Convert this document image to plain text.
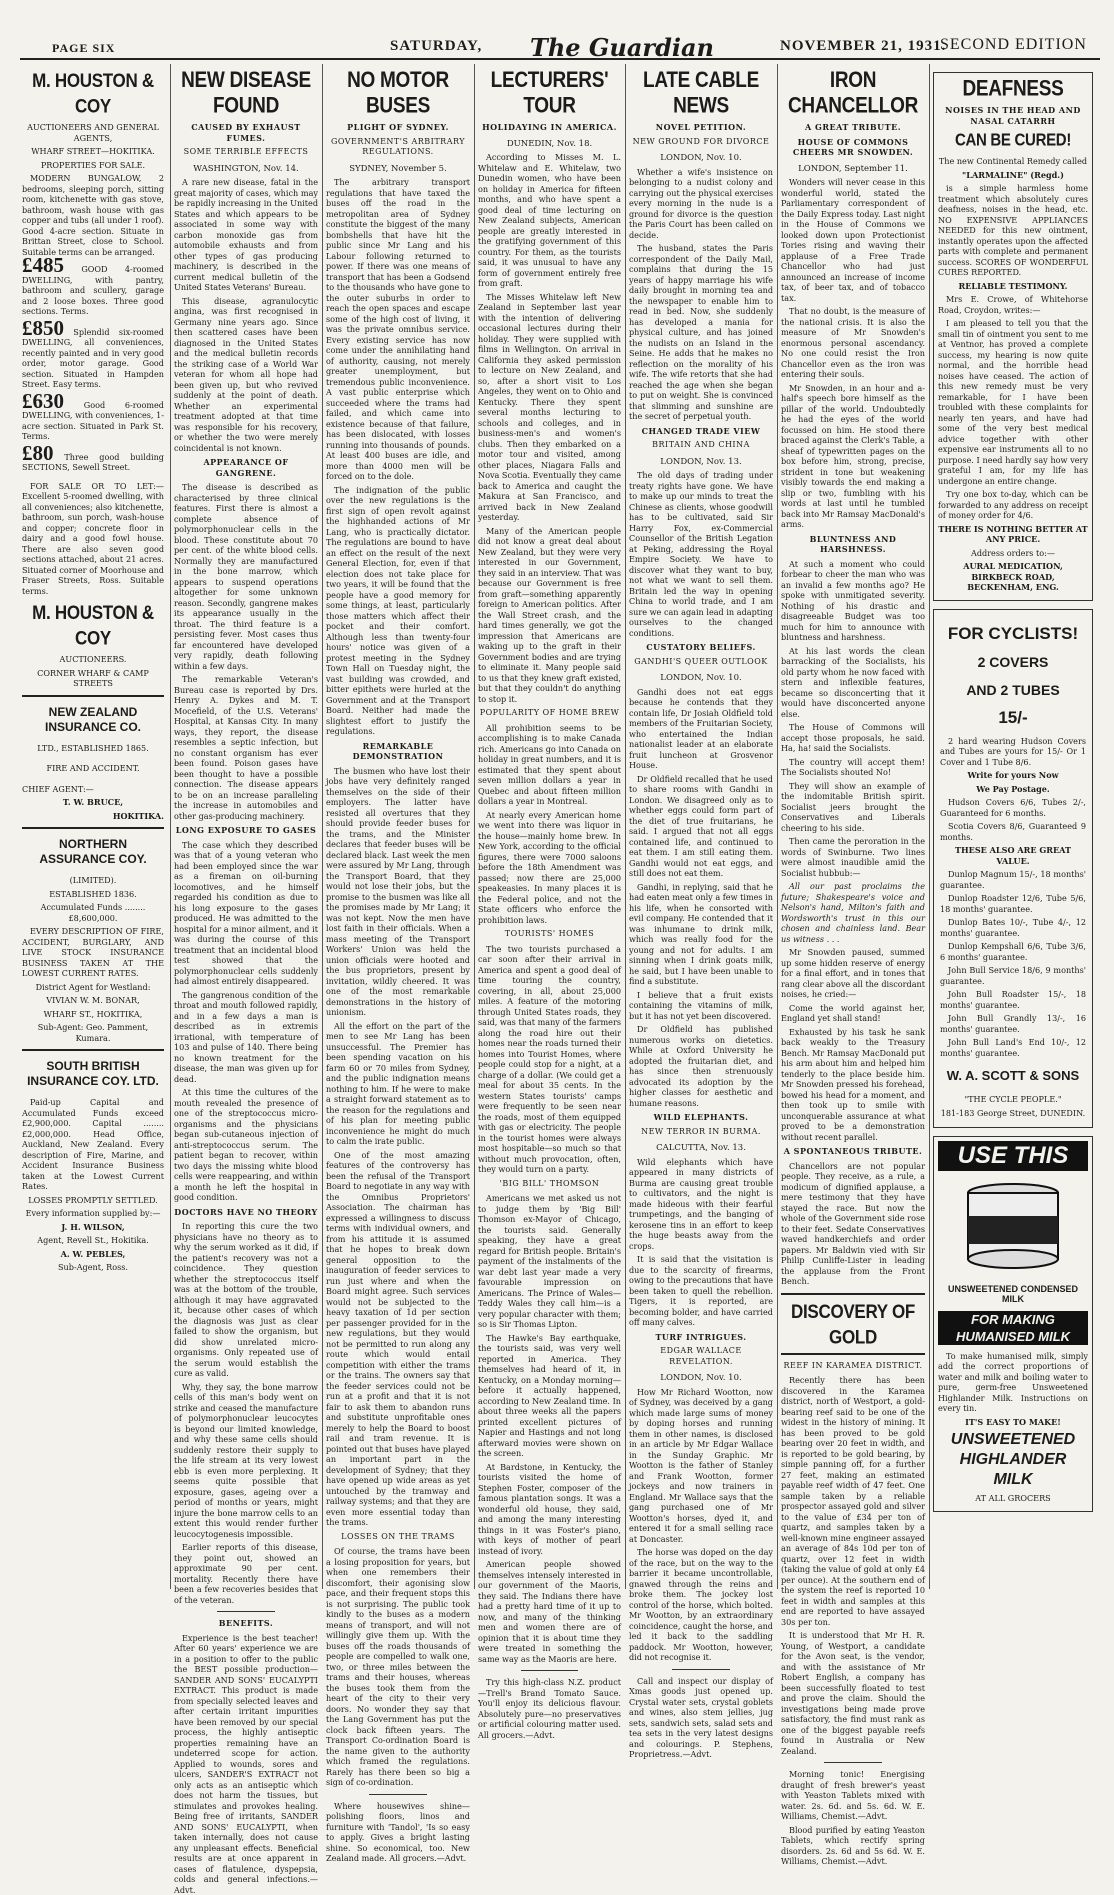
PAGE SIX	SATURDAY, The Guardian	NOVEMBER 21, 1931.
SECOND EDITION
M. HOUSTON & COY
AUCTIONEERS AND GENERAL AGENTS,
WHARF STREET—HOKITIKA.
PROPERTIES FOR SALE.

MODERN BUNGALOW, 2 bedrooms, sleeping porch, sitting room, kitchenette with gas stove, bathroom, wash house with gas copper and tubs (all under 1 roof). Good 4-acre section. Situate in Brittan Street, close to School. Suitable terms can be arranged.

£485 GOOD 4-roomed DWELLING, with pantry, bathroom and scullery, garage and 2 loose boxes. Three good sections. Terms.
£850 Splendid six-roomed DWELLING, all conveniences, recently painted and in very good order, motor garage. Good section. Situated in Hampden Street. Easy terms.
£630 Good 6-roomed DWELLING, with conveniences, 1-acre section. Situated in Park St. Terms.
£80 Three good building SECTIONS, Sewell Street.

FOR SALE OR TO LET:—Excellent 5-roomed dwelling, with all conveniences; also kitchenette, bathroom, sun porch, wash-house and copper; concrete floor in dairy and a good fowl house. There are also seven good sections attached, about 21 acres. Situated corner of Moorhouse and Fraser Streets, Ross. Suitable terms.

M. HOUSTON & COY
AUCTIONEERS.
CORNER WHARF & CAMP STREETS
NEW ZEALAND INSURANCE CO.
LTD., ESTABLISHED 1865.
FIRE AND ACCIDENT.
CHIEF AGENT:—
T. W. BRUCE,
HOKITIKA.
NORTHERN ASSURANCE COY.
(LIMITED).
ESTABLISHED 1836.
Accumulated Funds ........ £8,600,000.

EVERY DESCRIPTION OF FIRE, ACCIDENT, BURGLARY, AND LIVE STOCK INSURANCE BUSINESS TAKEN AT THE LOWEST CURRENT RATES.

District Agent for Westland:
VIVIAN W. M. BONAR,
WHARF ST., HOKITIKA,
Sub-Agent: Geo. Pamment, Kumara.
SOUTH BRITISH INSURANCE COY. LTD.

Paid-up Capital and Accumulated Funds exceed £2,900,000. Capital ........ £2,000,000. Head Office, Auckland, New Zealand. Every description of Fire, Marine, and Accident Insurance Business taken at the Lowest Current Rates.

LOSSES PROMPTLY SETTLED.
Every information supplied by:—
J. H. WILSON,
Agent, Revell St., Hokitika.
A. W. PEBLES,
Sub-Agent, Ross.
NEW DISEASE FOUND
CAUSED BY EXHAUST FUMES.
SOME TERRIBLE EFFECTS
WASHINGTON, Nov. 14.

A rare new disease, fatal in the great majority of cases, which may be rapidly increasing in the United States and which appears to be associated in some way with carbon monoxide gas from automobile exhausts and from other types of gas producing machinery, is described in the current medical bulletin of the United States Veterans' Bureau.

This disease, agranulocytic angina, was first recognised in Germany nine years ago. Since then scattered cases have been diagnosed in the United States and the medical bulletin records the striking case of a World War veteran for whom all hope had been given up, but who revived suddenly at the point of death. Whether an experimental treatment adopted at that time was responsible for his recovery, or whether the two were merely coincidental is not known.

APPEARANCE OF GANGRENE.

The disease is described as characterised by three clinical features. First there is almost a complete absence of polymorphonuclear cells in the blood. These constitute about 70 per cent. of the white blood cells. Normally they are manufactured in the bone marrow, which appears to suspend operations altogether for some unknown reason. Secondly, gangrene makes its appearance usually in the throat. The third feature is a persisting fever. Most cases thus far encountered have developed very rapidly, death following within a few days.

The remarkable Veteran's Bureau case is reported by Drs. Henry A. Dykes and M. T. Mocefield, of the U.S. Veterans' Hospital, at Kansas City. In many ways, they report, the disease resembles a septic infection, but no constant organism has ever been found. Poison gases have been thought to have a possible connection. The disease appears to be on an increase paralleling the increase in automobiles and other gas-producing machinery.

LONG EXPOSURE TO GASES

The case which they described was that of a young veteran who had been employed since the war as a fireman on oil-burning locomotives, and he himself regarded his condition as due to his long exposure to the gases produced. He was admitted to the hospital for a minor ailment, and it was during the course of this treatment that an incidental blood test showed that the polymorphonuclear cells suddenly had almost entirely disappeared.

The gangrenous condition of the throat and mouth followed rapidly, and in a few days a man is described as in extremis irrational, with temperature of 103 and pulse of 140. There being no known treatment for the disease, the man was given up for dead.

At this time the cultures of the mouth revealed the presence of one of the streptococcus micro-organisms and the physicians began sub-cutaneous injection of anti-streptococcus serum. The patient began to recover, within two days the missing white blood cells were reappearing, and within a month he left the hospital in good condition.

DOCTORS HAVE NO THEORY

In reporting this cure the two physicians have no theory as to why the serum worked as it did, if the patient's recovery was not a coincidence. They question whether the streptococcus itself was at the bottom of the trouble, although it may have aggravated it, because other cases of which the diagnosis was just as clear failed to show the organism, but did show unrelated micro-organisms. Only repeated use of the serum would establish the cure as valid.

Why, they say, the bone marrow cells of this man's body went on strike and ceased the manufacture of polymorphonuclear leucocytes is beyond our limited knowledge, and why these same cells should suddenly restore their supply to the life stream at its very lowest ebb is even more perplexing. It seems quite possible that exposure, gases, ageing over a period of months or years, might injure the bone marrow cells to an extent this would render further leucocytogenesis impossible.

Earlier reports of this disease, they point out, showed an approximate 90 per cent. mortality. Recently there have been a few recoveries besides that of the veteran.

BENEFITS.

Experience is the best teacher! After 60 years' experience we are in a position to offer to the public the BEST possible production—SANDER AND SONS' EUCALYPTI EXTRACT. This product is made from specially selected leaves and after certain irritant impurities have been removed by our special process, the highly antiseptic properties remaining have an undeterred scope for action. Applied to wounds, sores and ulcers, SANDER'S EXTRACT not only acts as an antiseptic which does not harm the tissues, but stimulates and provokes healing. Being free of irritants, SANDER AND SONS' EUCALYPTI, when taken internally, does not cause any unpleasant effects. Beneficial results are at once apparent in cases of flatulence, dyspepsia, colds and general infections.—Advt.

NO MOTOR BUSES
PLIGHT OF SYDNEY.
GOVERNMENT'S ARBITRARY REGULATIONS.
SYDNEY, November 5.

The arbitrary transport regulations that have taxed the buses off the road in the metropolitan area of Sydney constitute the biggest of the many bombshells that have hit the public since Mr Lang and his Labour following returned to power. If there was one means of transport that has been a Godsend to the thousands who have gone to the outer suburbs in order to reach the open spaces and escape some of the high cost of living, it was the private omnibus service. Every existing service has now come under the annihilating hand of authority, causing, not merely greater unemployment, but tremendous public inconvenience. A vast public enterprise which succeeded where the trams had failed, and which came into existence because of that failure, has been dislocated, with losses running into thousands of pounds. At least 400 buses are idle, and more than 4000 men will be forced on to the dole.

The indignation of the public over the new regulations is the first sign of open revolt against the highhanded actions of Mr Lang, who is practically dictator. The regulations are bound to have an effect on the result of the next General Election, for, even if that election does not take place for two years, it will be found that the people have a good memory for some things, at least, particularly those matters which affect their pocket and their comfort. Although less than twenty-four hours' notice was given of a protest meeting in the Sydney Town Hall on Tuesday night, the vast building was crowded, and bitter epithets were hurled at the Government and at the Transport Board. Neither had made the slightest effort to justify the regulations.

REMARKABLE DEMONSTRATION

The busmen who have lost their jobs have very definitely ranged themselves on the side of their employers. The latter have resisted all overtures that they should provide feeder buses for the trams, and the Minister declares that feeder buses will be declared black. Last week the men were assured by Mr Lang, through the Transport Board, that they would not lose their jobs, but the promise to the busmen was like all the promises made by Mr Lang; it was not kept. Now the men have lost faith in their officials. When a mass meeting of the Transport Workers' Union was held the union officials were hooted and the bus proprietors, present by invitation, wildly cheered. It was one of the most remarkable demonstrations in the history of unionism.

All the effort on the part of the men to see Mr Lang has been unsuccessful. The Premier has been spending vacation on his farm 60 or 70 miles from Sydney, and the public indignation means nothing to him. If he were to make a straight forward statement as to the reason for the regulations and of his plan for meeting public inconvenience he might do much to calm the irate public.

One of the most amazing features of the controversy has been the refusal of the Transport Board to negotiate in any way with the Omnibus Proprietors' Association. The chairman has expressed a willingness to discuss terms with individual owners, and from his attitude it is assumed that he hopes to break down general opposition to the inauguration of feeder services to run just where and when the Board might agree. Such services would not be subjected to the heavy taxation of 1d per section per passenger provided for in the new regulations, but they would not be permitted to run along any route which would entail competition with either the trams or the trains. The owners say that the feeder services could not be run at a profit and that it is not fair to ask them to abandon runs and substitute unprofitable ones merely to help the Board to boost rail and tram revenue. It is pointed out that buses have played an important part in the development of Sydney; that they have opened up wide areas as yet untouched by the tramway and railway systems; and that they are even more essential today than the trams.

LOSSES ON THE TRAMS

Of course, the trams have been a losing proposition for years, but when one remembers their discomfort, their agonising slow pace, and their frequent stops this is not surprising. The public took kindly to the buses as a modern means of transport, and will not willingly give them up. With the buses off the roads thousands of people are compelled to walk one, two, or three miles between the trams and their houses, whereas the buses took them from the heart of the city to their very doors. No wonder they say that the Lang Government has put the clock back fifteen years. The Transport Co-ordination Board is the name given to the authority which framed the regulations. Rarely has there been so big a sign of co-ordination.

Where housewives shine—polishing floors, linos and furniture with 'Tandol', 'Is so easy to apply. Gives a bright lasting shine. So economical, too. New Zealand made. All grocers.—Advt.

LECTURERS' TOUR
HOLIDAYING IN AMERICA.
DUNEDIN, Nov. 18.

According to Misses M. L. Whitelaw and E. Whitelaw, two Dunedin women, who have been on holiday in America for fifteen months, and who have spent a good deal of time lecturing on New Zealand subjects, American people are greatly interested in the gratifying government of this country. For them, as the tourists said, it was unusual to have any form of government entirely free from graft.

The Misses Whitelaw left New Zealand in September last year with the intention of delivering occasional lectures during their holiday. They were supplied with films in Wellington. On arrival in California they asked permission to lecture on New Zealand, and so, after a short visit to Los Angeles, they went on to Ohio and Kentucky. There they spent several months lecturing to schools and colleges, and in business-men's and women's clubs. Then they embarked on a motor tour and visited, among other places, Niagara Falls and Nova Scotia. Eventually they came back to America and caught the Makura at San Francisco, and arrived back in New Zealand yesterday.

Many of the American people did not know a great deal about New Zealand, but they were very interested in our Government, they said in an interview. That was because our Government is free from graft—something apparently foreign to American politics. After the Wall Street crash, and the hard times generally, we got the impression that Americans are waking up to the graft in their Government bodies and are trying to eliminate it. Many people said to us that they knew graft existed, but that they couldn't do anything to stop it.

POPULARITY OF HOME BREW

All prohibition seems to be accomplishing is to make Canada rich. Americans go into Canada on holiday in great numbers, and it is estimated that they spent about seven million dollars a year in Quebec and about fifteen million dollars a year in Montreal.

At nearly every American home we went into there was liquor in the house—mainly home brew. In New York, according to the official figures, there were 7000 saloons before the 18th Amendment was passed; now there are 25,000 speakeasies. In many places it is the Federal police, and not the State officers who enforce the prohibition laws.

TOURISTS' HOMES

The two tourists purchased a car soon after their arrival in America and spent a good deal of time touring the country, covering, in all, about 25,000 miles. A feature of the motoring through United States roads, they said, was that many of the farmers along the road hire out their homes near the roads turned their homes into Tourist Homes, where people could stop for a night, at a charge of a dollar. (We could get a meal for about 35 cents. In the western States tourists' camps were frequently to be seen near the roads, most of them equipped with gas or electricity. The people in the tourist homes were always most hospitable—so much so that without much provocation, often, they would turn on a party.

'BIG BILL' THOMSON

Americans we met asked us not to judge them by 'Big Bill' Thomson ex-Mayor of Chicago, the tourists said. Generally speaking, they have a great regard for British people. Britain's payment of the instalments of the war debt last year made a very favourable impression on Americans. The Prince of Wales—Teddy Wales they call him—is a very popular character with them; so is Sir Thomas Lipton.

The Hawke's Bay earthquake, the tourists said, was very well reported in America. They themselves had heard of it, in Kentucky, on a Monday morning—before it actually happened, according to New Zealand time. In about three weeks all the papers printed excellent pictures of Napier and Hastings and not long afterward movies were shown on the screen.

At Bardstone, in Kentucky, the tourists visited the home of Stephen Foster, composer of the famous plantation songs. It was a wonderful old house, they said, and among the many interesting things in it was Foster's piano, with keys of mother of pearl instead of ivory.

American people showed themselves intensely interested in our government of the Maoris, they said. The Indians there have had a pretty hard time of it up to now, and many of the thinking men and women there are of opinion that it is about time they were treated in something the same way as the Maoris are here.

Try this high-class N.Z. product—Trell's Brand Tomato Sauce. You'll enjoy its delicious flavour. Absolutely pure—no preservatives or artificial colouring matter used. All grocers.—Advt.

LATE CABLE NEWS
NOVEL PETITION.
NEW GROUND FOR DIVORCE
LONDON, Nov. 10.

Whether a wife's insistence on belonging to a nudist colony and carrying out the physical exercises every morning in the nude is a ground for divorce is the question the Paris Court has been called on decide.

The husband, states the Paris correspondent of the Daily Mail, complains that during the 15 years of happy marriage his wife daily brought in morning tea and the newspaper to enable him to read in bed. Now, she suddenly has developed a mania for physical culture, and has joined the nudists on an Island in the Seine. He adds that he makes no reflection on the morality of his wife. The wife retorts that she had reached the age when she began to put on weight. She is convinced that slimming and sunshine are the secret of perpetual youth.

CHANGED TRADE VIEW
BRITAIN AND CHINA
LONDON, Nov. 13.

The old days of trading under treaty rights have gone. We have to make up our minds to treat the Chinese as clients, whose goodwill has to be cultivated, said Sir Harry Fox, ex-Commercial Counsellor of the British Legation at Peking, addressing the Royal Empire Society. We have to discover what they want to buy, not what we want to sell them. Britain led the way in opening China to world trade, and I am sure we can again lead in adapting ourselves to the changed conditions.

CUSTATORY BELIEFS.
GANDHI'S QUEER OUTLOOK
LONDON, Nov. 10.

Gandhi does not eat eggs because he contends that they contain life, Dr Josiah Oldfield told members of the Fruitarian Society, who entertained the Indian nationalist leader at an elaborate fruit luncheon at Grosvenor House.

Dr Oldfield recalled that he used to share rooms with Gandhi in London. We disagreed only as to whether eggs could form part of the diet of true fruitarians, he said. I argued that not all eggs contained life, and continued to eat them. I am still eating them. Gandhi would not eat eggs, and still does not eat them.

Gandhi, in replying, said that he had eaten meat only a few times in his life, when he consorted with evil company. He contended that it was inhumane to drink milk, which was really food for the young and not for adults. I am sinning when I drink goats milk, he said, but I have been unable to find a substitute.

I believe that a fruit exists containing the vitamins of milk, but it has not yet been discovered.

Dr Oldfield has published numerous works on dietetics. While at Oxford University he adopted the fruitarian diet, and has since then strenuously advocated its adoption by the higher classes for aesthetic and humane reasons.

WILD ELEPHANTS.
NEW TERROR IN BURMA.
CALCUTTA, Nov. 13.

Wild elephants which have appeared in many districts of Burma are causing great trouble to cultivators, and the night is made hideous with their fearful trumpetings, and the banging of kerosene tins in an effort to keep the huge beasts away from the crops.

It is said that the visitation is due to the scarcity of firearms, owing to the precautions that have been taken to quell the rebellion. Tigers, it is reported, are becoming bolder, and have carried off many calves.

TURF INTRIGUES.
EDGAR WALLACE REVELATION.
LONDON, Nov. 10.

How Mr Richard Wootton, now of Sydney, was deceived by a gang which made large sums of money by doping horses and running them in other names, is disclosed in an article by Mr Edgar Wallace in the Sunday Graphic. Mr Wootton is the father of Stanley and Frank Wootton, former jockeys and now trainers in England. Mr Wallace says that the gang purchased one of Mr Wootton's horses, dyed it, and entered it for a small selling race at Doncaster.

The horse was doped on the day of the race, but on the way to the barrier it became uncontrollable, gnawed through the reins and broke them. The jockey lost control of the horse, which bolted. Mr Wootton, by an extraordinary coincidence, caught the horse, and led it back to the saddling paddock. Mr Wootton, however, did not recognise it.

Call and inspect our display of Xmas goods just opened up. Crystal water sets, crystal goblets and wines, also stem jellies, jug sets, sandwich sets, salad sets and tea sets in the very latest designs and colourings. P. Stephens, Proprietress.—Advt.

IRON CHANCELLOR
A GREAT TRIBUTE.
HOUSE OF COMMONS CHEERS MR SNOWDEN.
LONDON, September 11.

Wonders will never cease in this wonderful world, stated the Parliamentary correspondent of the Daily Express today. Last night in the House of Commons we looked down upon Protectionist Tories rising and waving their applause of a Free Trade Chancellor who had just announced an increase of income tax, of beer tax, and of tobacco tax.

That no doubt, is the measure of the national crisis. It is also the measure of Mr Snowden's enormous personal ascendancy. No one could resist the Iron Chancellor even as the iron was entering their souls.

Mr Snowden, in an hour and a-half's speech bore himself as the pillar of the world. Undoubtedly he had the eyes of the world focussed on him. He stood there braced against the Clerk's Table, a sheaf of typewritten pages on the box before him, strong, precise, strident in tone but weakening visibly towards the end making a slip or two, fumbling with his words at last until he tumbled back into Mr Ramsay MacDonald's arms.

BLUNTNESS AND HARSHNESS.

At such a moment who could forbear to cheer the man who was an invalid a few months ago? He spoke with unmitigated severity. Nothing of his drastic and disagreeable Budget was too much for him to announce with bluntness and harshness.

At his last words the clean barracking of the Socialists, his old party whom he now faced with stern and inflexible features, became so disconcerting that it would have disconcerted anyone else.

The House of Commons will accept those proposals, he said. Ha, ha! said the Socialists.

The country will accept them! The Socialists shouted No!

They will show an example of the indomitable British spirit. Socialist jeers brought the Conservatives and Liberals cheering to his side.

Then came the peroration in the words of Swinburne. Two lines were almost inaudible amid the Socialist hubbub:—

All our past proclaims the future; Shakespeare's voice and Nelson's hand, Milton's faith and Wordsworth's trust in this our chosen and chainless land. Bear us witness . . .

Mr Snowden paused, summed up some hidden reserve of energy for a final effort, and in tones that rang clear above all the discordant noises, he cried:—

Come the world against her, England yet shall stand!

Exhausted by his task he sank back weakly to the Treasury Bench. Mr Ramsay MacDonald put his arm about him and helped him tenderly to the place beside him. Mr Snowden pressed his forehead, bowed his head for a moment, and then took up to smile with unconquerable assurance at what proved to be a demonstration without recent parallel.

A SPONTANEOUS TRIBUTE.

Chancellors are not popular people. They receive, as a rule, a modicum of dignified applause, a mere testimony that they have stayed the race. But now the whole of the Government side rose to their feet. Sedate Conservatives waved handkerchiefs and order papers. Mr Baldwin vied with Sir Philip Cunliffe-Lister in leading the applause from the Front Bench.

DISCOVERY OF GOLD
REEF IN KARAMEA DISTRICT.

Recently there has been discovered in the Karamea district, north of Westport, a gold-bearing reef said to be one of the widest in the history of mining. It has been proved to be gold bearing over 20 feet in width, and is reported to be gold bearing, by simple panning off, for a further 27 feet, making an estimated payable reef width of 47 feet. One sample taken by a reliable prospector assayed gold and silver to the value of £34 per ton of quartz, and samples taken by a well-known mine engineer assayed an average of 84s 10d per ton of quartz, over 12 feet in width (taking the value of gold at only £4 per ounce). At the southern end of the system the reef is reported 10 feet in width and samples at this end are reported to have assayed 30s per ton.

It is understood that Mr H. R. Young, of Westport, a candidate for the Avon seat, is the vendor, and with the assistance of Mr Robert English, a company has been successfully floated to test and prove the claim. Should the investigations being made prove satisfactory, the find must rank as one of the biggest payable reefs found in Australia or New Zealand.

Morning tonic! Energising draught of fresh brewer's yeast with Yeaston Tablets mixed with water. 2s. 6d. and 5s. 6d. W. E. Williams, Chemist.—Advt.

Blood purified by eating Yeaston Tablets, which rectify spring disorders. 2s. 6d and 5s 6d. W. E. Williams, Chemist.—Advt.

DEAFNESS
NOISES IN THE HEAD AND NASAL CATARRH
CAN BE CURED!
The new Continental Remedy called
"LARMALINE" (Regd.)

is a simple harmless home treatment which absolutely cures deafness, noises in the head, etc. NO EXPENSIVE APPLIANCES NEEDED for this new ointment, instantly operates upon the affected parts with complete and permanent success. SCORES OF WONDERFUL CURES REPORTED.

RELIABLE TESTIMONY.

Mrs E. Crowe, of Whitehorse Road, Croydon, writes:—

I am pleased to tell you that the small tin of ointment you sent to me at Ventnor, has proved a complete success, my hearing is now quite normal, and the horrible head noises have ceased. The action of this new remedy must be very remarkable, for I have been troubled with these complaints for nearly ten years, and have had some of the very best medical advice together with other expensive ear instruments all to no purpose. I need hardly say how very grateful I am, for my life has undergone an entire change.

Try one box to-day, which can be forwarded to any address on receipt of money order for 4/6.

THERE IS NOTHING BETTER AT ANY PRICE.
Address orders to:—
AURAL MEDICATION, BIRKBECK ROAD, BECKENHAM, ENG.
FOR CYCLISTS!
2 COVERS
AND 2 TUBES
15/-

2 hard wearing Hudson Covers and Tubes are yours for 15/- Or 1 Cover and 1 Tube 8/6.

Write for yours Now
We Pay Postage.

Hudson Covers 6/6, Tubes 2/-, Guaranteed for 6 months.

Scotia Covers 8/6, Guaranteed 9 months.

THESE ALSO ARE GREAT VALUE.

Dunlop Magnum 15/-, 18 months' guarantee.

Dunlop Roadster 12/6, Tube 5/6, 18 months' guarantee.

Dunlop Bates 10/-, Tube 4/-, 12 months' guarantee.

Dunlop Kempshall 6/6, Tube 3/6, 6 months' guarantee.

John Bull Service 18/6, 9 months' guarantee.

John Bull Roadster 15/-, 18 months' guarantee.

John Bull Grandly 13/-, 16 months' guarantee.

John Bull Land's End 10/-, 12 months' guarantee.

W. A. SCOTT & SONS
"THE CYCLE PEOPLE."
181-183 George Street, DUNEDIN.
USE THIS
UNSWEETENED CONDENSED MILK
FOR MAKING HUMANISED MILK

To make humanised milk, simply add the correct proportions of water and milk and boiling water to pure, germ-free Unsweetened Highlander Milk. Instructions on every tin.

IT'S EASY TO MAKE!
UNSWEETENED HIGHLANDER MILK
AT ALL GROCERS
